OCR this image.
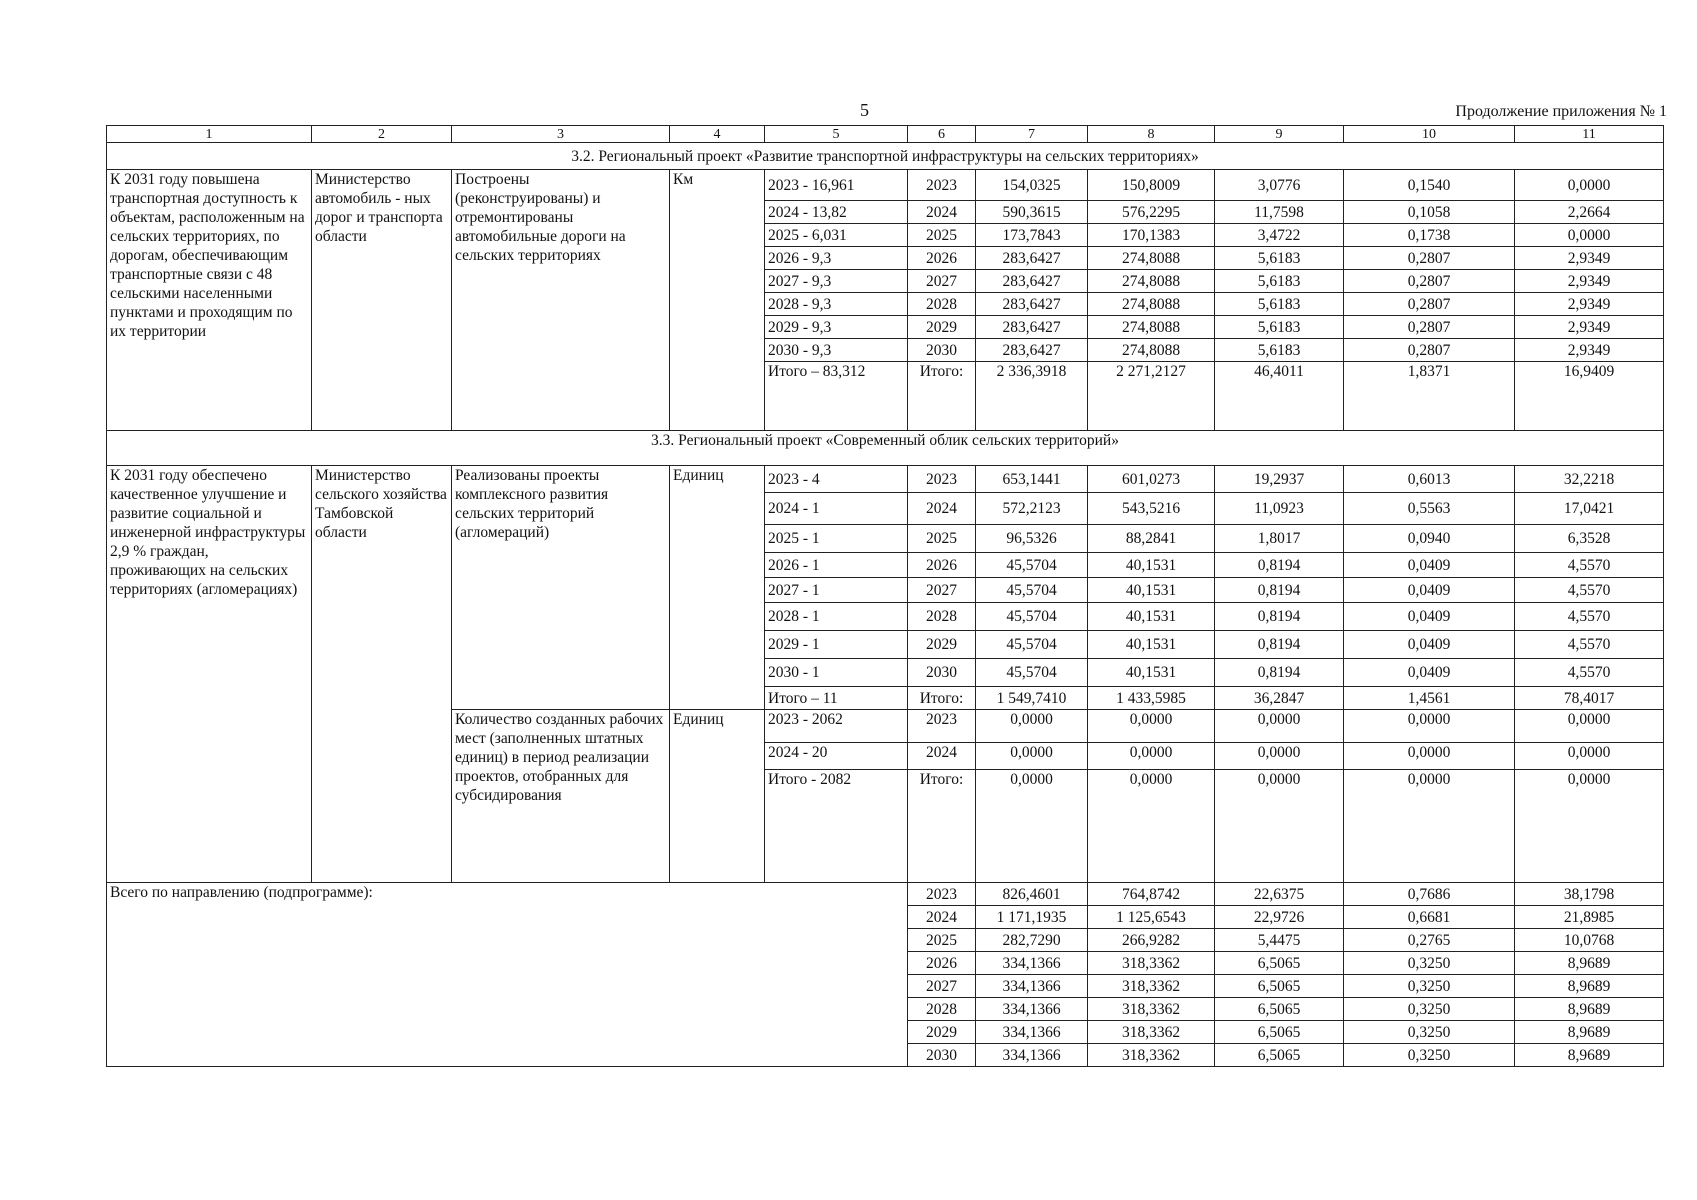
5	Продолжение приложения № 1
1	2	3	4	5	6	7	8	9	10	11
3.2. Региональный проект «Развитие транспортной инфраструктуры на сельских территориях»										
К 2031 году повышена транспортная доступность к объектам, расположенным на сельских территориях, по дорогам, обеспечивающим транспортные связи с 48 сельскими населенными пунктами и проходящим по их территории	Министерство автомобиль - ных дорог и транспорта области	Построены (реконструированы) и отремонтированы автомобильные дороги на сельских территориях	Км	2023 - 16,961	2023	154,0325	150,8009	3,0776	0,1540	0,0000
				2024 - 13,82	2024	590,3615	576,2295	11,7598	0,1058	2,2664
				2025 - 6,031	2025	173,7843	170,1383	3,4722	0,1738	0,0000
				2026 - 9,3	2026	283,6427	274,8088	5,6183	0,2807	2,9349
				2027 - 9,3	2027	283,6427	274,8088	5,6183	0,2807	2,9349
				2028 - 9,3	2028	283,6427	274,8088	5,6183	0,2807	2,9349
				2029 - 9,3	2029	283,6427	274,8088	5,6183	0,2807	2,9349
				2030 - 9,3	2030	283,6427	274,8088	5,6183	0,2807	2,9349
				Итого – 83,312	Итого:	2 336,3918	2 271,2127	46,4011	1,8371	16,9409
3.3. Региональный проект «Современный облик сельских территорий»										
К 2031 году обеспечено качественное улучшение и развитие социальной и инженерной инфраструктуры 2,9 % граждан, проживающих на сельских территориях (агломерациях)	Министерство сельского хозяйства Тамбовской области	Реализованы проекты комплексного развития сельских территорий (агломераций)	Единиц	2023 - 4	2023	653,1441	601,0273	19,2937	0,6013	32,2218
				2024 - 1	2024	572,2123	543,5216	11,0923	0,5563	17,0421
				2025 - 1	2025	96,5326	88,2841	1,8017	0,0940	6,3528
				2026 - 1	2026	45,5704	40,1531	0,8194	0,0409	4,5570
				2027 - 1	2027	45,5704	40,1531	0,8194	0,0409	4,5570
				2028 - 1	2028	45,5704	40,1531	0,8194	0,0409	4,5570
				2029 - 1	2029	45,5704	40,1531	0,8194	0,0409	4,5570
				2030 - 1	2030	45,5704	40,1531	0,8194	0,0409	4,5570
				Итого – 11	Итого:	1 549,7410	1 433,5985	36,2847	1,4561	78,4017
		Количество созданных рабочих мест (заполненных штатных единиц) в период реализации проектов, отобранных для субсидирования	Единиц	2023 - 2062	2023	0,0000	0,0000	0,0000	0,0000	0,0000
				2024 - 20	2024	0,0000	0,0000	0,0000	0,0000	0,0000
				Итого - 2082	Итого:	0,0000	0,0000	0,0000	0,0000	0,0000
Всего по направлению (подпрограмме):					2023	826,4601	764,8742	22,6375	0,7686	38,1798
					2024	1 171,1935	1 125,6543	22,9726	0,6681	21,8985
					2025	282,7290	266,9282	5,4475	0,2765	10,0768
					2026	334,1366	318,3362	6,5065	0,3250	8,9689
					2027	334,1366	318,3362	6,5065	0,3250	8,9689
					2028	334,1366	318,3362	6,5065	0,3250	8,9689
					2029	334,1366	318,3362	6,5065	0,3250	8,9689
					2030	334,1366	318,3362	6,5065	0,3250	8,9689
